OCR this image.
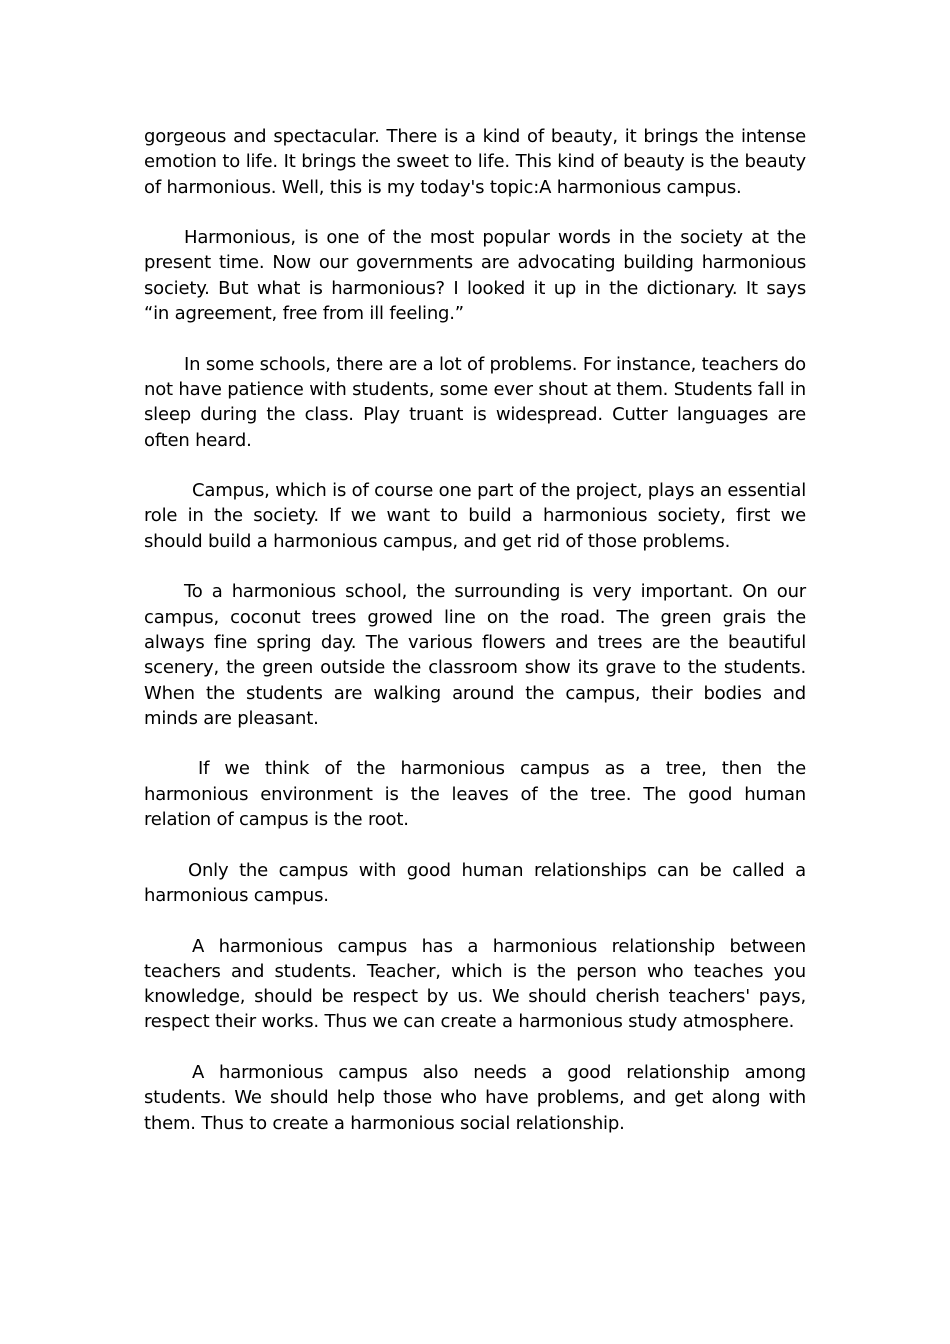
gorgeous and spectacular. There is a kind of beauty, it brings the intense emotion to life. It brings the sweet to life. This kind of beauty is the beauty of harmonious. Well, this is my today's topic:A harmonious campus.

Harmonious, is one of the most popular words in the society at the present time. Now our governments are advocating building harmonious society. But what is harmonious? I looked it up in the dictionary. It says 　“in agreement, free from ill feeling.”

In some schools, there are a lot of problems. For instance, teachers do not have patience with students, some ever shout at them. Students fall in sleep during the class. Play truant is widespread. Cutter languages are often heard.

Campus, which is of course one part of the project, plays an essential role in the society. If we want to build a harmonious society, first we should build a harmonious campus, and get rid of those problems.

To a harmonious school, the surrounding is very important. On our campus, coconut trees growed line on the road. The green grais the always fine spring day. The various flowers and trees are the beautiful scenery, the green outside the classroom show its grave to the students. When the students are walking around the campus, their bodies and minds are pleasant.

If we think of the harmonious campus as a tree, then the harmonious environment is the leaves of the tree. The good human relation of campus is the root.

Only the campus with good human relationships can be called a harmonious campus.

A harmonious campus has a harmonious relationship between teachers and students. Teacher, which is the person who teaches you knowledge, should be respect by us. We should cherish teachers' pays, respect their works. Thus we can create a harmonious study atmosphere.

A harmonious campus also needs a good relationship among students. We should help those who have problems, and get along with them. Thus to create a harmonious social relationship.
